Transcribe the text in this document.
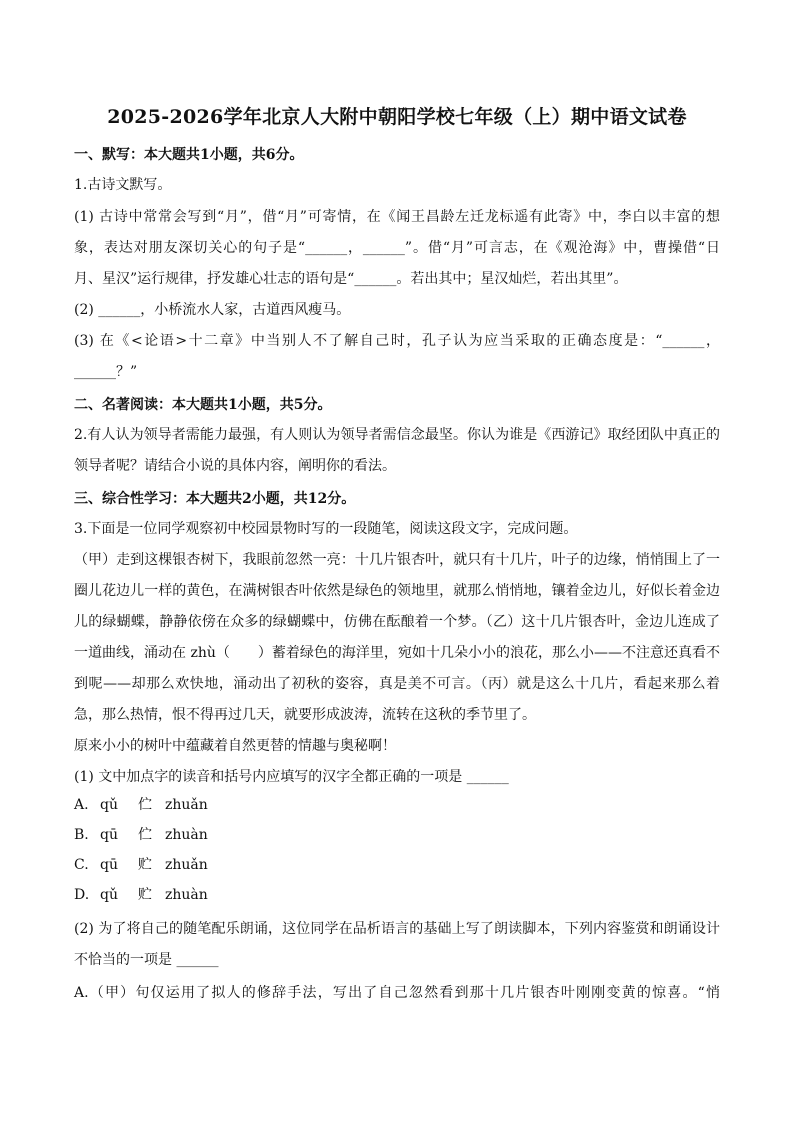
2025-2026学年北京人大附中朝阳学校七年级（上）期中语文试卷
一、默写：本大题共1小题，共6分。
1.古诗文默写。
(1) 古诗中常常会写到“月”，借“月”可寄情，在《闻王昌龄左迁龙标遥有此寄》中，李白以丰富的想
象，表达对朋友深切关心的句子是“______，______”。借“月”可言志，在《观沧海》中，曹操借“日
月、星汉”运行规律，抒发雄心壮志的语句是“______。若出其中；星汉灿烂，若出其里”。
(2) ______，小桥流水人家，古道西风瘦马。
(3) 在《<论语>十二章》中当别人不了解自己时，孔子认为应当采取的正确态度是：“______，
______？”
二、名著阅读：本大题共1小题，共5分。
2.有人认为领导者需能力最强，有人则认为领导者需信念最坚。你认为谁是《西游记》取经团队中真正的
领导者呢？请结合小说的具体内容，阐明你的看法。
三、综合性学习：本大题共2小题，共12分。
3.下面是一位同学观察初中校园景物时写的一段随笔，阅读这段文字，完成问题。
（甲）走到这棵银杏树下，我眼前忽然一亮：十几片银杏叶，就只有十几片，叶子的边缘，悄悄围上了一
圈儿花边儿一样的黄色，在满树银杏叶依然是绿色的领地里，就那么悄悄地，镶着金边儿，好似长着金边
儿的绿蝴蝶，静静依傍在众多的绿蝴蝶中，仿佛在酝酿着一个梦。（乙）这十几片银杏叶，金边儿连成了
一道曲线，涌动在 zhù（　　）蓄着绿色的海洋里，宛如十几朵小小的浪花，那么小——不注意还真看不
到呢——却那么欢快地，涌动出了初秋的姿容，真是美不可言。（丙）就是这么十几片，看起来那么着
急，那么热情，恨不得再过几天，就要形成波涛，流转在这秋的季节里了。
原来小小的树叶中蕴藏着自然更替的情趣与奥秘啊！
(1) 文中加点字的读音和括号内应填写的汉字全都正确的一项是 ______
A. qǔ 伫 zhuǎn
B. qū 伫 zhuàn
C. qū 贮 zhuǎn
D. qǔ 贮 zhuàn
(2) 为了将自己的随笔配乐朗诵，这位同学在品析语言的基础上写了朗读脚本，下列内容鉴赏和朗诵设计
不恰当的一项是 ______
A.（甲）句仅运用了拟人的修辞手法，写出了自己忽然看到那十几片银杏叶刚刚变黄的惊喜。“悄
